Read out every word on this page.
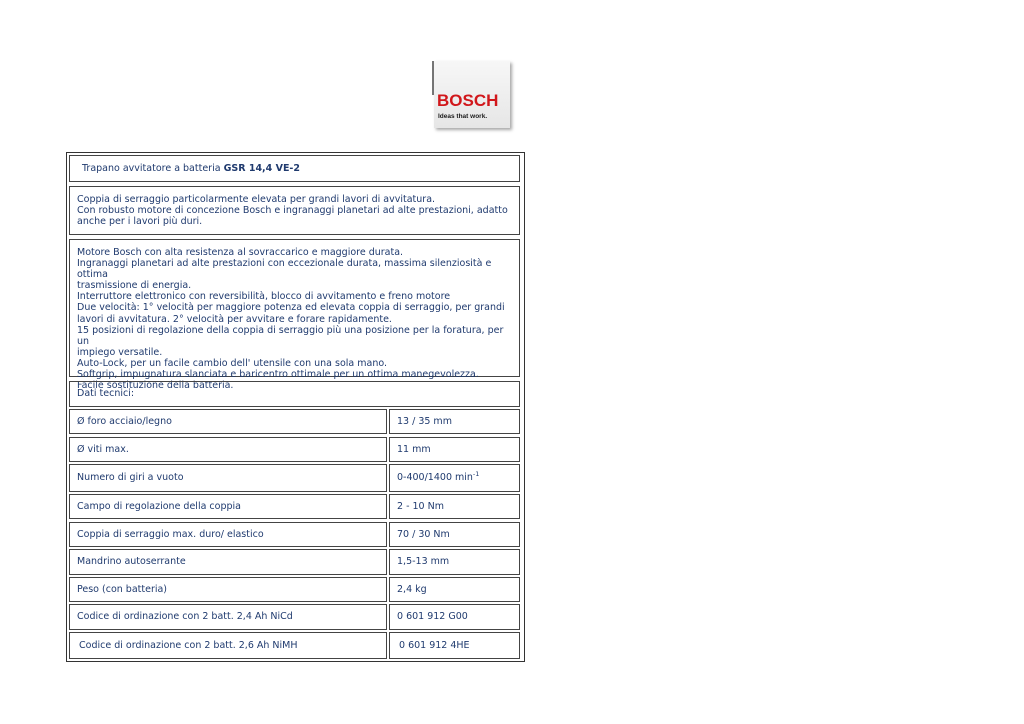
BOSCH
Ideas that work.
Trapano avvitatore a batteria
GSR 14,4 VE-2
Coppia di serraggio particolarmente elevata per grandi lavori di avvitatura.
Con robusto motore di concezione Bosch e ingranaggi planetari ad alte prestazioni, adatto
anche per i lavori più duri.
Motore Bosch con alta resistenza al sovraccarico e maggiore durata.
Ingranaggi planetari ad alte prestazioni con eccezionale durata, massima silenziosità e ottima
trasmissione di energia.
Interruttore elettronico con reversibilità, blocco di avvitamento e freno motore
Due velocità: 1° velocità per maggiore potenza ed elevata coppia di serraggio, per grandi
lavori di avvitatura. 2° velocità per avvitare e forare rapidamente.
15 posizioni di regolazione della coppia di serraggio più una posizione per la foratura, per un
impiego versatile.
Auto-Lock, per un facile cambio dell' utensile con una sola mano.
Softgrip, impugnatura slanciata e baricentro ottimale per un ottima manegevolezza.
Facile sostituzione della batteria.
Dati tecnici:
Ø foro acciaio/legno	13 / 35 mm
Ø viti max.	11 mm
Numero di giri a vuoto	0-400/1400 $\min^{-1}$
Campo di regolazione della coppia	2 - 10 Nm
Coppia di serraggio max. duro/ elastico	70 / 30 Nm
Mandrino autoserrante	1,5-13 mm
Peso (con batteria)	2,4 kg
Codice di ordinazione con 2 batt. 2,4 Ah NiCd	0 601 912 G00
Codice di ordinazione con 2 batt. 2,6 Ah NiMH	0 601 912 4HE
